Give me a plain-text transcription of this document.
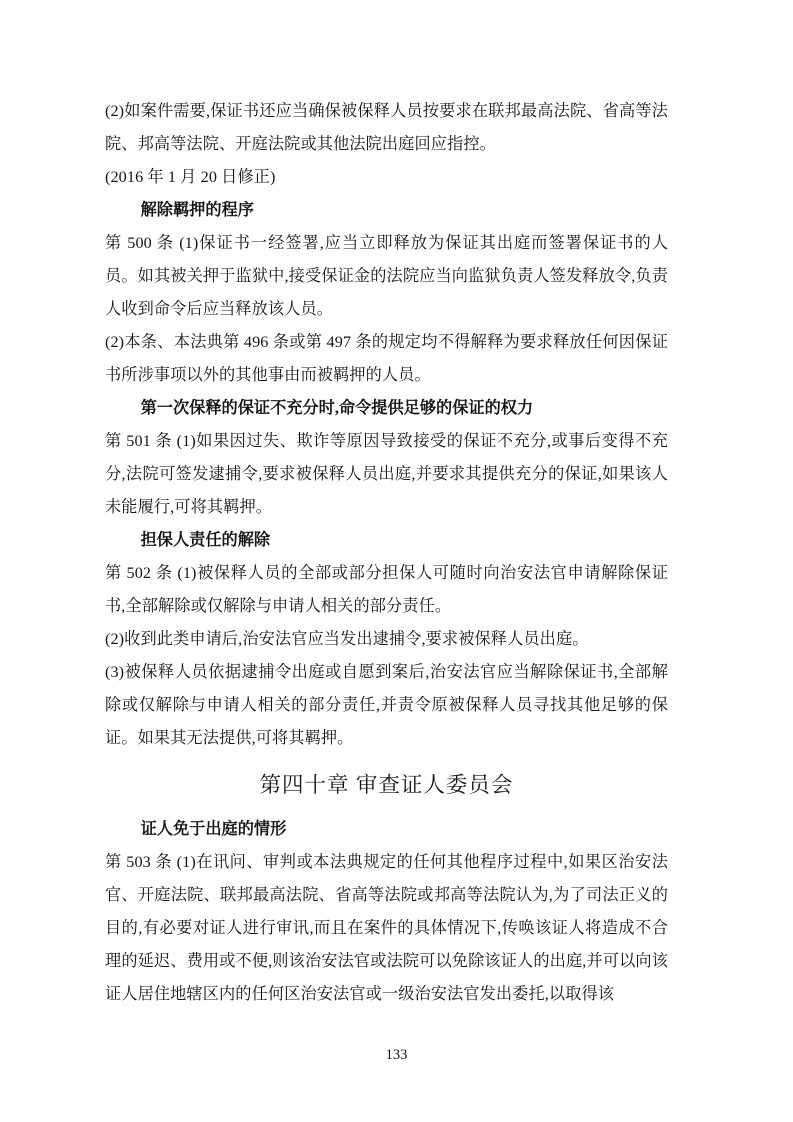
(2)如案件需要,保证书还应当确保被保释人员按要求在联邦最高法院、省高等法院、邦高等法院、开庭法院或其他法院出庭回应指控。

(2016 年 1 月 20 日修正)

解除羁押的程序

第 500 条 (1)保证书一经签署,应当立即释放为保证其出庭而签署保证书的人员。如其被关押于监狱中,接受保证金的法院应当向监狱负责人签发释放令,负责人收到命令后应当释放该人员。

(2)本条、本法典第 496 条或第 497 条的规定均不得解释为要求释放任何因保证书所涉事项以外的其他事由而被羁押的人员。

第一次保释的保证不充分时,命令提供足够的保证的权力

第 501 条 (1)如果因过失、欺诈等原因导致接受的保证不充分,或事后变得不充分,法院可签发逮捕令,要求被保释人员出庭,并要求其提供充分的保证,如果该人未能履行,可将其羁押。

担保人责任的解除

第 502 条 (1)被保释人员的全部或部分担保人可随时向治安法官申请解除保证书,全部解除或仅解除与申请人相关的部分责任。

(2)收到此类申请后,治安法官应当发出逮捕令,要求被保释人员出庭。

(3)被保释人员依据逮捕令出庭或自愿到案后,治安法官应当解除保证书,全部解除或仅解除与申请人相关的部分责任,并责令原被保释人员寻找其他足够的保证。如果其无法提供,可将其羁押。

第四十章 审查证人委员会

证人免于出庭的情形

第 503 条 (1)在讯问、审判或本法典规定的任何其他程序过程中,如果区治安法官、开庭法院、联邦最高法院、省高等法院或邦高等法院认为,为了司法正义的目的,有必要对证人进行审讯,而且在案件的具体情况下,传唤该证人将造成不合理的延迟、费用或不便,则该治安法官或法院可以免除该证人的出庭,并可以向该证人居住地辖区内的任何区治安法官或一级治安法官发出委托,以取得该

133
